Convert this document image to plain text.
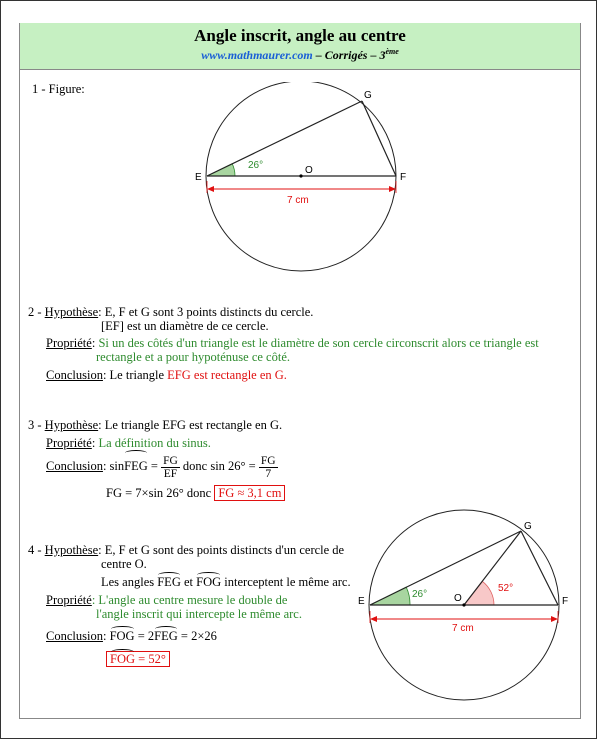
Angle inscrit, angle au centre
www.mathmaurer.com – Corrigés – 3ème
1 - Figure:
E	F
G
O
26°
7 cm
2 - Hypothèse: E, F et G sont 3 points distincts du cercle.
[EF] est un diamètre de ce cercle.
Propriété: Si un des côtés d'un triangle est le diamètre de son cercle circonscrit alors ce triangle est
rectangle et a pour hypoténuse ce côté.
Conclusion: Le triangle EFG est rectangle en G.
3 - Hypothèse: Le triangle EFG est rectangle en G.
Propriété: La définition du sinus.
Conclusion: sinFEG = $\frac{FG}{EF}$ donc $\sin 26^\circ = \frac{FG}{7}$
FG = 7×sin 26° donc FG ≈ 3,1 cm
4 - Hypothèse: E, F et G sont des points distincts d'un cercle de
centre O.
Les angles FEG et FOG interceptent le même arc.
Propriété: L'angle au centre mesure le double de
l'angle inscrit qui intercepte le même arc.
Conclusion: FOG = 2FEG = 2×26
FOG = 52°
E	F
G
O
26°
52°
7 cm
